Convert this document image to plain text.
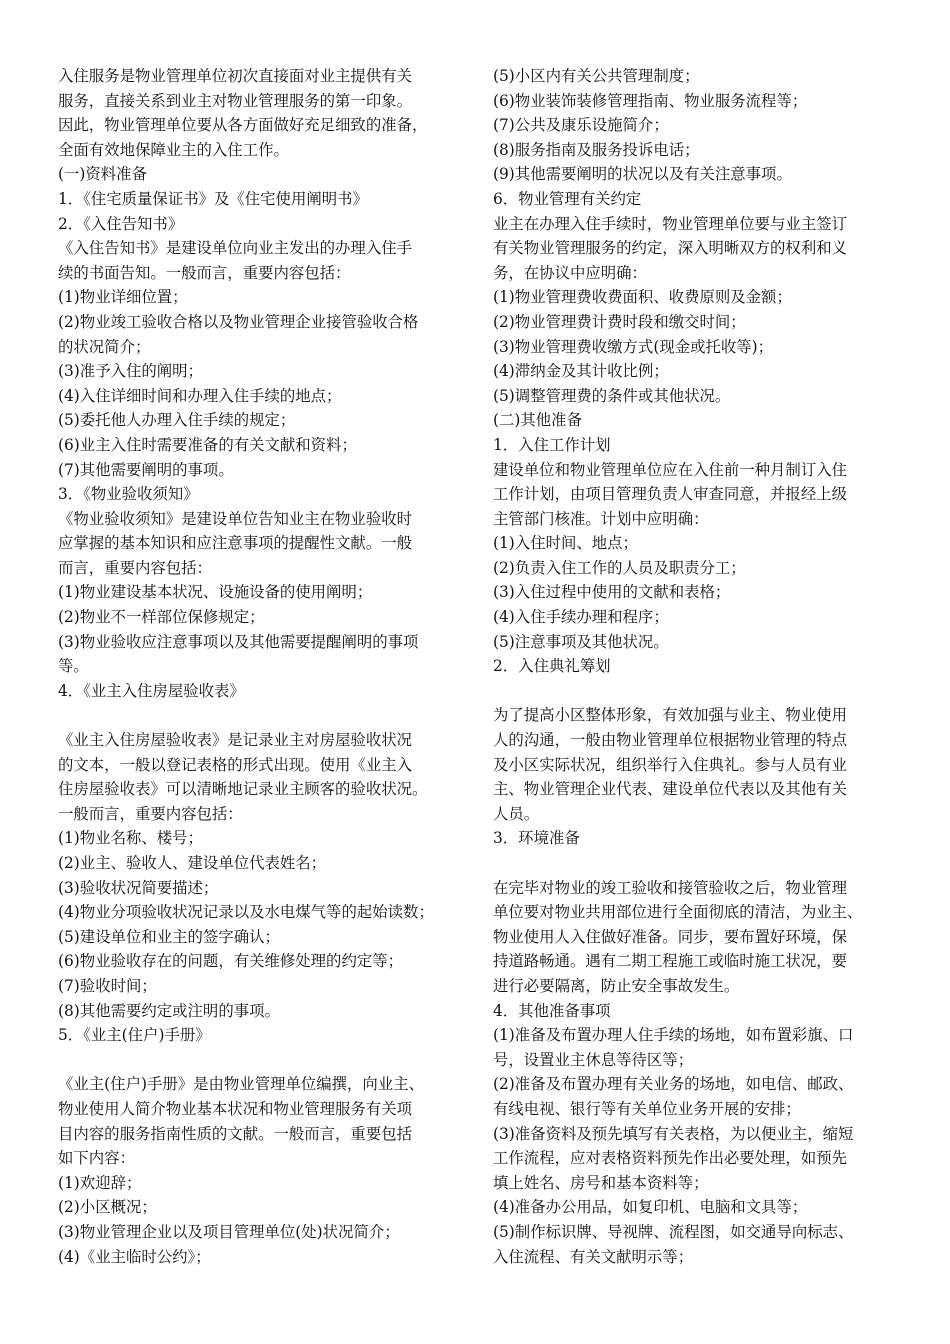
入住服务是物业管理单位初次直接面对业主提供有关
服务，直接关系到业主对物业管理服务的第一印象。
因此，物业管理单位要从各方面做好充足细致的准备，
全面有效地保障业主的入住工作。
(一)资料准备
1．《住宅质量保证书》及《住宅使用阐明书》
2．《入住告知书》
《入住告知书》是建设单位向业主发出的办理入住手
续的书面告知。一般而言，重要内容包括：
(1)物业详细位置；
(2)物业竣工验收合格以及物业管理企业接管验收合格
的状况简介；
(3)准予入住的阐明；
(4)入住详细时间和办理入住手续的地点；
(5)委托他人办理入住手续的规定；
(6)业主入住时需要准备的有关文献和资料；
(7)其他需要阐明的事项。
3．《物业验收须知》
《物业验收须知》是建设单位告知业主在物业验收时
应掌握的基本知识和应注意事项的提醒性文献。一般
而言，重要内容包括：
(1)物业建设基本状况、设施设备的使用阐明；
(2)物业不一样部位保修规定；
(3)物业验收应注意事项以及其他需要提醒阐明的事项
等。
4．《业主入住房屋验收表》
《业主入住房屋验收表》是记录业主对房屋验收状况
的文本，一般以登记表格的形式出现。使用《业主入
住房屋验收表》可以清晰地记录业主顾客的验收状况。
一般而言，重要内容包括：
(1)物业名称、楼号；
(2)业主、验收人、建设单位代表姓名；
(3)验收状况简要描述；
(4)物业分项验收状况记录以及水电煤气等的起始读数；
(5)建设单位和业主的签字确认；
(6)物业验收存在的问题，有关维修处理的约定等；
(7)验收时间；
(8)其他需要约定或注明的事项。
5．《业主(住户)手册》
《业主(住户)手册》是由物业管理单位编撰，向业主、
物业使用人简介物业基本状况和物业管理服务有关项
目内容的服务指南性质的文献。一般而言，重要包括
如下内容：
(1)欢迎辞；
(2)小区概况；
(3)物业管理企业以及项目管理单位(处)状况简介；
(4)《业主临时公约》；
(5)小区内有关公共管理制度；
(6)物业装饰装修管理指南、物业服务流程等；
(7)公共及康乐设施简介；
(8)服务指南及服务投诉电话；
(9)其他需要阐明的状况以及有关注意事项。
6．物业管理有关约定
业主在办理入住手续时，物业管理单位要与业主签订
有关物业管理服务的约定，深入明晰双方的权利和义
务，在协议中应明确：
(1)物业管理费收费面积、收费原则及金额；
(2)物业管理费计费时段和缴交时间；
(3)物业管理费收缴方式(现金或托收等)；
(4)滞纳金及其计收比例；
(5)调整管理费的条件或其他状况。
(二)其他准备
1．入住工作计划
建设单位和物业管理单位应在入住前一种月制订入住
工作计划，由项目管理负责人审查同意，并报经上级
主管部门核准。计划中应明确：
(1)入住时间、地点；
(2)负责入住工作的人员及职责分工；
(3)入住过程中使用的文献和表格；
(4)入住手续办理和程序；
(5)注意事项及其他状况。
2．入住典礼筹划
为了提高小区整体形象，有效加强与业主、物业使用
人的沟通，一般由物业管理单位根据物业管理的特点
及小区实际状况，组织举行入住典礼。参与人员有业
主、物业管理企业代表、建设单位代表以及其他有关
人员。
3．环境准备
在完毕对物业的竣工验收和接管验收之后，物业管理
单位要对物业共用部位进行全面彻底的清洁，为业主、
物业使用人入住做好准备。同步，要布置好环境，保
持道路畅通。遇有二期工程施工或临时施工状况，要
进行必要隔离，防止安全事故发生。
4．其他准备事项
(1)准备及布置办理人住手续的场地，如布置彩旗、口
号，设置业主休息等待区等；
(2)准备及布置办理有关业务的场地，如电信、邮政、
有线电视、银行等有关单位业务开展的安排；
(3)准备资料及预先填写有关表格，为以便业主，缩短
工作流程，应对表格资料预先作出必要处理，如预先
填上姓名、房号和基本资料等；
(4)准备办公用品，如复印机、电脑和文具等；
(5)制作标识牌、导视牌、流程图，如交通导向标志、
入住流程、有关文献明示等；
